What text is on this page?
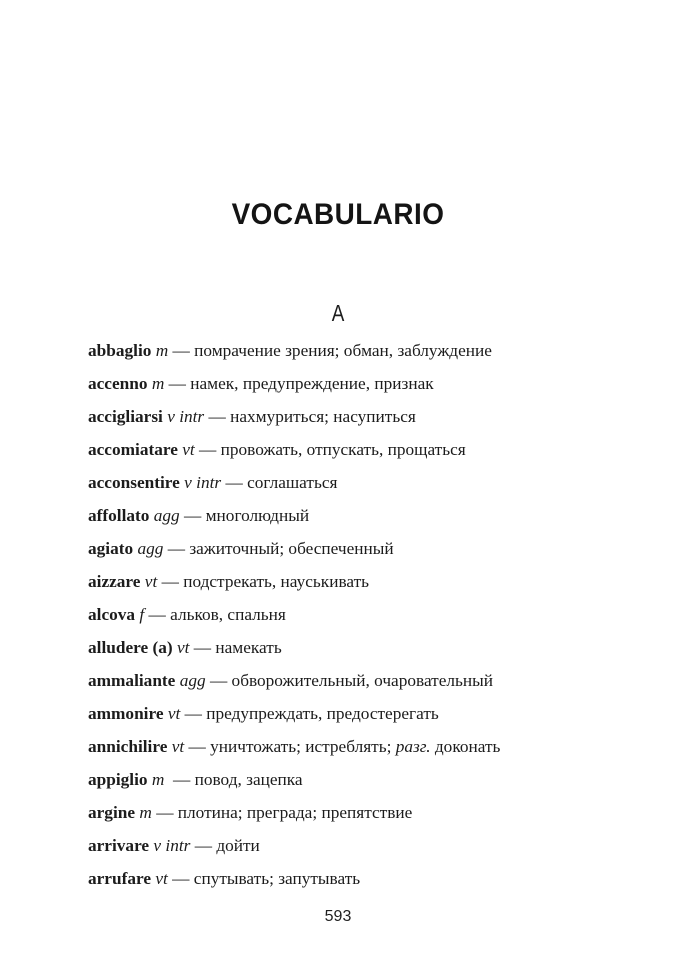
VOCABULARIO
A
abbaglio m — помрачение зрения; обман, заблуждение
accenno m — намек, предупреждение, признак
accigliarsi v intr — нахмуриться; насупиться
accomiatare vt — провожать, отпускать, прощаться
acconsentire v intr — соглашаться
affollato agg — многолюдный
agiato agg — зажиточный; обеспеченный
aizzare vt — подстрекать, науськивать
alcova f — альков, спальня
alludere (a) vt — намекать
ammaliante agg — обворожительный, очаровательный
ammonire vt — предупреждать, предостерегать
annichilire vt — уничтожать; истреблять; разг. доконать
appiglio m — повод, зацепка
argine m — плотина; преграда; препятствие
arrivare v intr — дойти
arrufare vt — спутывать; запутывать
593
